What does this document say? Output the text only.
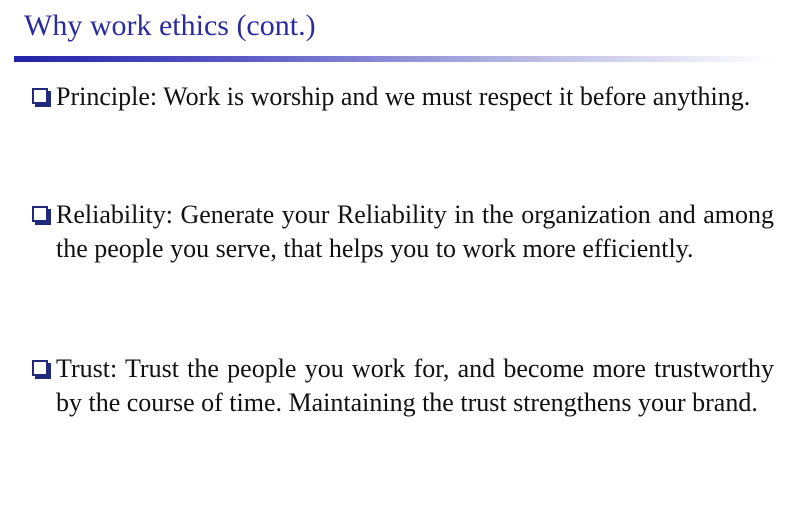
Why work ethics (cont.)
Principle: Work is worship and we must respect it before anything.
Reliability: Generate your Reliability in the organization and among the people you serve, that helps you to work more efficiently.
Trust: Trust the people you work for, and become more trustworthy by the course of time. Maintaining the trust strengthens your brand.
